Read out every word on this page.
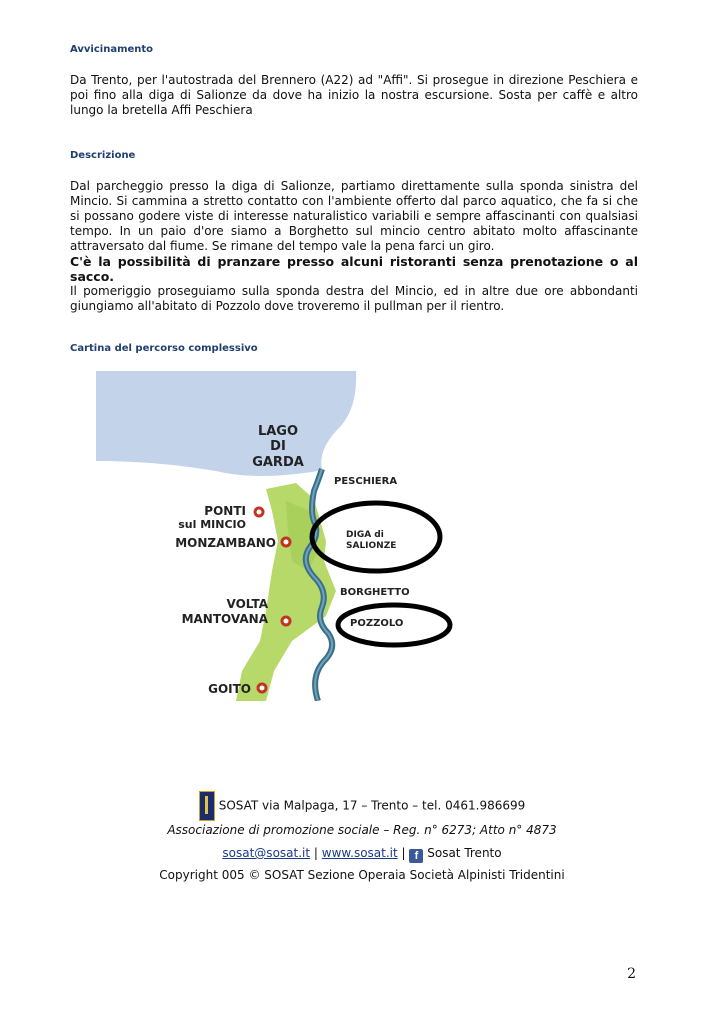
Avvicinamento

Da Trento, per l'autostrada del Brennero (A22) ad "Affi". Si prosegue in direzione Peschiera e poi fino alla diga di Salionze da dove ha inizio la nostra escursione. Sosta per caffè e altro lungo la bretella Affi Peschiera

Descrizione

Dal parcheggio presso la diga di Salionze, partiamo direttamente sulla sponda sinistra del Mincio. Si cammina a stretto contatto con l'ambiente offerto dal parco aquatico, che fa si che si possano godere viste di interesse naturalistico variabili e sempre affascinanti con qualsiasi tempo. In un paio d'ore siamo a Borghetto sul mincio centro abitato molto affascinante attraversato dal fiume. Se rimane del tempo vale la pena farci un giro.

C'è la possibilità di pranzare presso alcuni ristoranti senza prenotazione o al sacco.

Il pomeriggio proseguiamo sulla sponda destra del Mincio, ed in altre due ore abbondanti giungiamo all'abitato di Pozzolo dove troveremo il pullman per il rientro.

Cartina del percorso complessivo
LAGO
DI
GARDA
PESCHIERA
PONTI
sul MINCIO
MONZAMBANO
DIGA di
SALIONZE
BORGHETTO
VOLTA
MANTOVANA	POZZOLO
GOITO
SOSAT via Malpaga, 17 – Trento – tel. 0461.986699
Associazione di promozione sociale – Reg. n° 6273; Atto n° 4873
sosat@sosat.it | www.sosat.it | f Sosat Trento
Copyright 005 © SOSAT Sezione Operaia Società Alpinisti Tridentini
2
